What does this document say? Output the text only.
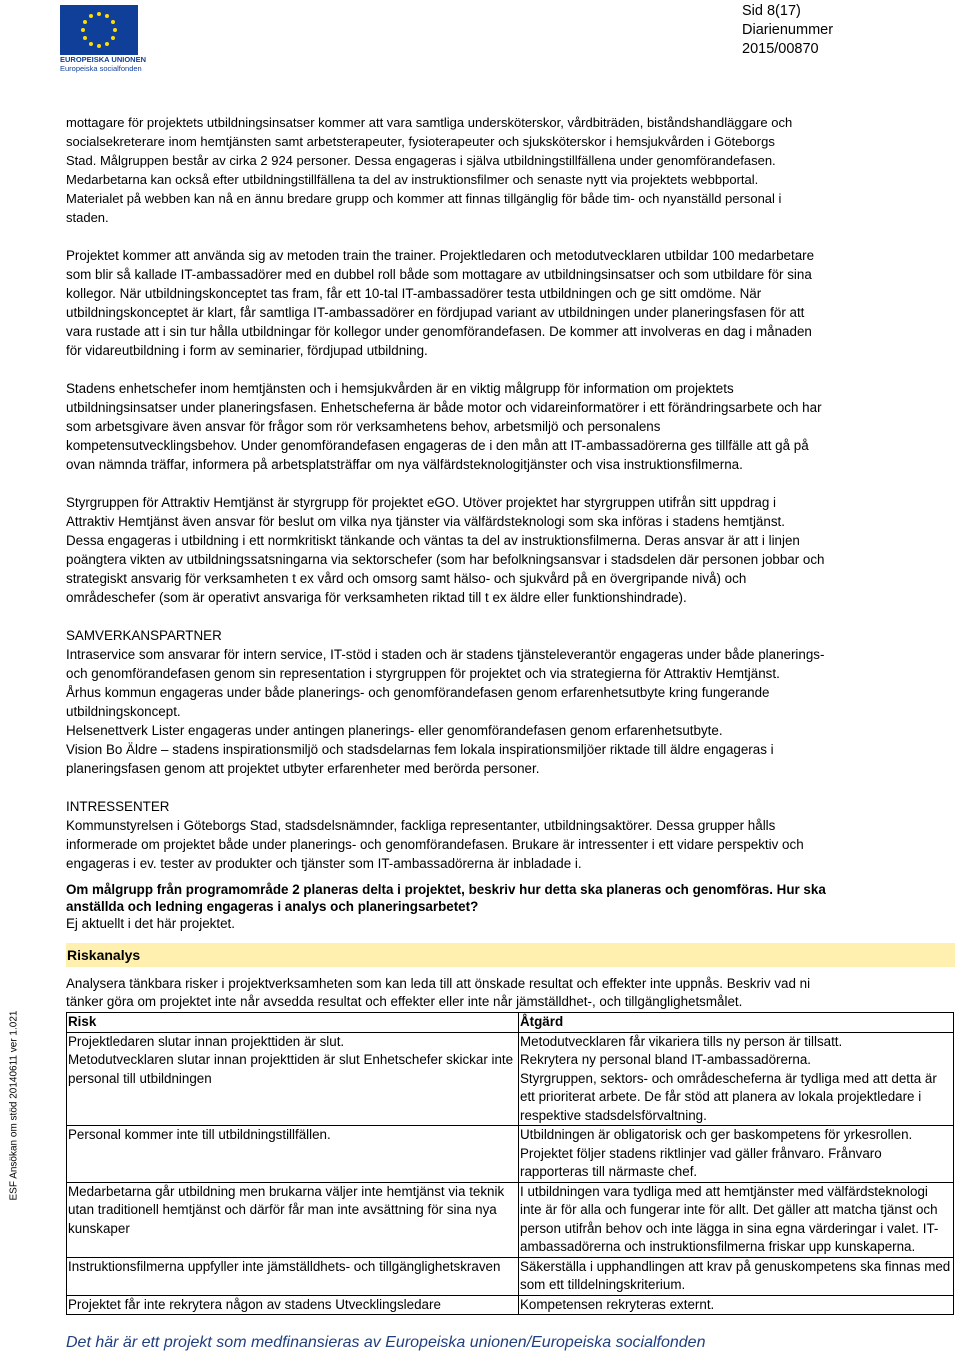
EUROPEISKA UNIONEN
Europeiska socialfonden
Sid 8(17)
Diarienummer
2015/00870

mottagare för projektets utbildningsinsatser kommer att vara samtliga undersköterskor, vårdbiträden, biståndshandläggare och

socialsekreterare inom hemtjänsten samt arbetsterapeuter, fysioterapeuter och sjuksköterskor i hemsjukvården i Göteborgs

Stad. Målgruppen består av cirka 2 924 personer. Dessa engageras i själva utbildningstillfällena under genomförandefasen.

Medarbetarna kan också efter utbildningstillfällena ta del av instruktionsfilmer och senaste nytt via projektets webbportal.

Materialet på webben kan nå en ännu bredare grupp och kommer att finnas tillgänglig för både tim- och nyanställd personal i

staden.

Projektet kommer att använda sig av metoden train the trainer. Projektledaren och metodutvecklaren utbildar 100 medarbetare

som blir så kallade IT-ambassadörer med en dubbel roll både som mottagare av utbildningsinsatser och som utbildare för sina

kollegor. När utbildningskonceptet tas fram, får ett 10-tal IT-ambassadörer testa utbildningen och ge sitt omdöme. När

utbildningskonceptet är klart, får samtliga IT-ambassadörer en fördjupad variant av utbildningen under planeringsfasen för att

vara rustade att i sin tur hålla utbildningar för kollegor under genomförandefasen. De kommer att involveras en dag i månaden

för vidareutbildning i form av seminarier, fördjupad utbildning.

Stadens enhetschefer inom hemtjänsten och i hemsjukvården är en viktig målgrupp för information om projektets

utbildningsinsatser under planeringsfasen. Enhetscheferna är både motor och vidareinformatörer i ett förändringsarbete och har

som arbetsgivare även ansvar för frågor som rör verksamhetens behov, arbetsmiljö och personalens

kompetensutvecklingsbehov. Under genomförandefasen engageras de i den mån att IT-ambassadörerna ges tillfälle att gå på

ovan nämnda träffar, informera på arbetsplatsträffar om nya välfärdsteknologitjänster och visa instruktionsfilmerna.

Styrgruppen för Attraktiv Hemtjänst är styrgrupp för projektet eGO. Utöver projektet har styrgruppen utifrån sitt uppdrag i

Attraktiv Hemtjänst även ansvar för beslut om vilka nya tjänster via välfärdsteknologi som ska införas i stadens hemtjänst.

Dessa engageras i utbildning i ett normkritiskt tänkande och väntas ta del av instruktionsfilmerna. Deras ansvar är att i linjen

poängtera vikten av utbildningssatsningarna via sektorschefer (som har befolkningsansvar i stadsdelen där personen jobbar och

strategiskt ansvarig för verksamheten t ex vård och omsorg samt hälso- och sjukvård på en övergripande nivå) och

områdeschefer (som är operativt ansvariga för verksamheten riktad till t ex äldre eller funktionshindrade).

SAMVERKANSPARTNER

Intraservice som ansvarar för intern service, IT-stöd i staden och är stadens tjänsteleverantör engageras under både planerings-

och genomförandefasen genom sin representation i styrgruppen för projektet och via strategierna för Attraktiv Hemtjänst.

Århus kommun engageras under både planerings- och genomförandefasen genom erfarenhetsutbyte kring fungerande

utbildningskoncept.

Helsenettverk Lister engageras under antingen planerings- eller genomförandefasen genom erfarenhetsutbyte.

Vision Bo Äldre – stadens inspirationsmiljö och stadsdelarnas fem lokala inspirationsmiljöer riktade till äldre engageras i

planeringsfasen genom att projektet utbyter erfarenheter med berörda personer.

INTRESSENTER

Kommunstyrelsen i Göteborgs Stad, stadsdelsnämnder, fackliga representanter, utbildningsaktörer. Dessa grupper hålls

informerade om projektet både under planerings- och genomförandefasen. Brukare är intressenter i ett vidare perspektiv och

engageras i ev. tester av produkter och tjänster som IT-ambassadörerna är inbladade i.

Om målgrupp från programområde 2 planeras delta i projektet, beskriv hur detta ska planeras och genomföras. Hur ska

anställda och ledning engageras i analys och planeringsarbetet?

Ej aktuellt i det här projektet.

Riskanalys

Analysera tänkbara risker i projektverksamheten som kan leda till att önskade resultat och effekter inte uppnås. Beskriv vad ni

tänker göra om projektet inte når avsedda resultat och effekter eller inte når jämställdhet-, och tillgänglighetsmålet.

Risk	Åtgärd
Projektledaren slutar innan projekttiden är slut.
Metodutvecklaren slutar innan projekttiden är slut Enhetschefer skickar inte personal till utbildningen	Metodutvecklaren får vikariera tills ny person är tillsatt.
Rekrytera ny personal bland IT-ambassadörerna.
Styrgruppen, sektors- och områdescheferna är tydliga med att detta är ett prioriterat arbete. De får stöd att planera av lokala projektledare i respektive stadsdelsförvaltning.
Personal kommer inte till utbildningstillfällen.	Utbildningen är obligatorisk och ger baskompetens för yrkesrollen. Projektet följer stadens riktlinjer vad gäller frånvaro. Frånvaro rapporteras till närmaste chef.
Medarbetarna går utbildning men brukarna väljer inte hemtjänst via teknik utan traditionell hemtjänst och därför får man inte avsättning för sina nya kunskaper	I utbildningen vara tydliga med att hemtjänster med välfärdsteknologi inte är för alla och fungerar inte för allt. Det gäller att matcha tjänst och person utifrån behov och inte lägga in sina egna värderingar i valet. IT-ambassadörerna och instruktionsfilmerna friskar upp kunskaperna.
Instruktionsfilmerna uppfyller inte jämställdhets- och tillgänglighetskraven	Säkerställa i upphandlingen att krav på genuskompetens ska finnas med som ett tilldelningskriterium.
Projektet får inte rekrytera någon av stadens Utvecklingsledare	Kompetensen rekryteras externt.
ESF Ansökan om stöd 20140611 ver 1.021
Det här är ett projekt som medfinansieras av Europeiska unionen/Europeiska socialfonden
